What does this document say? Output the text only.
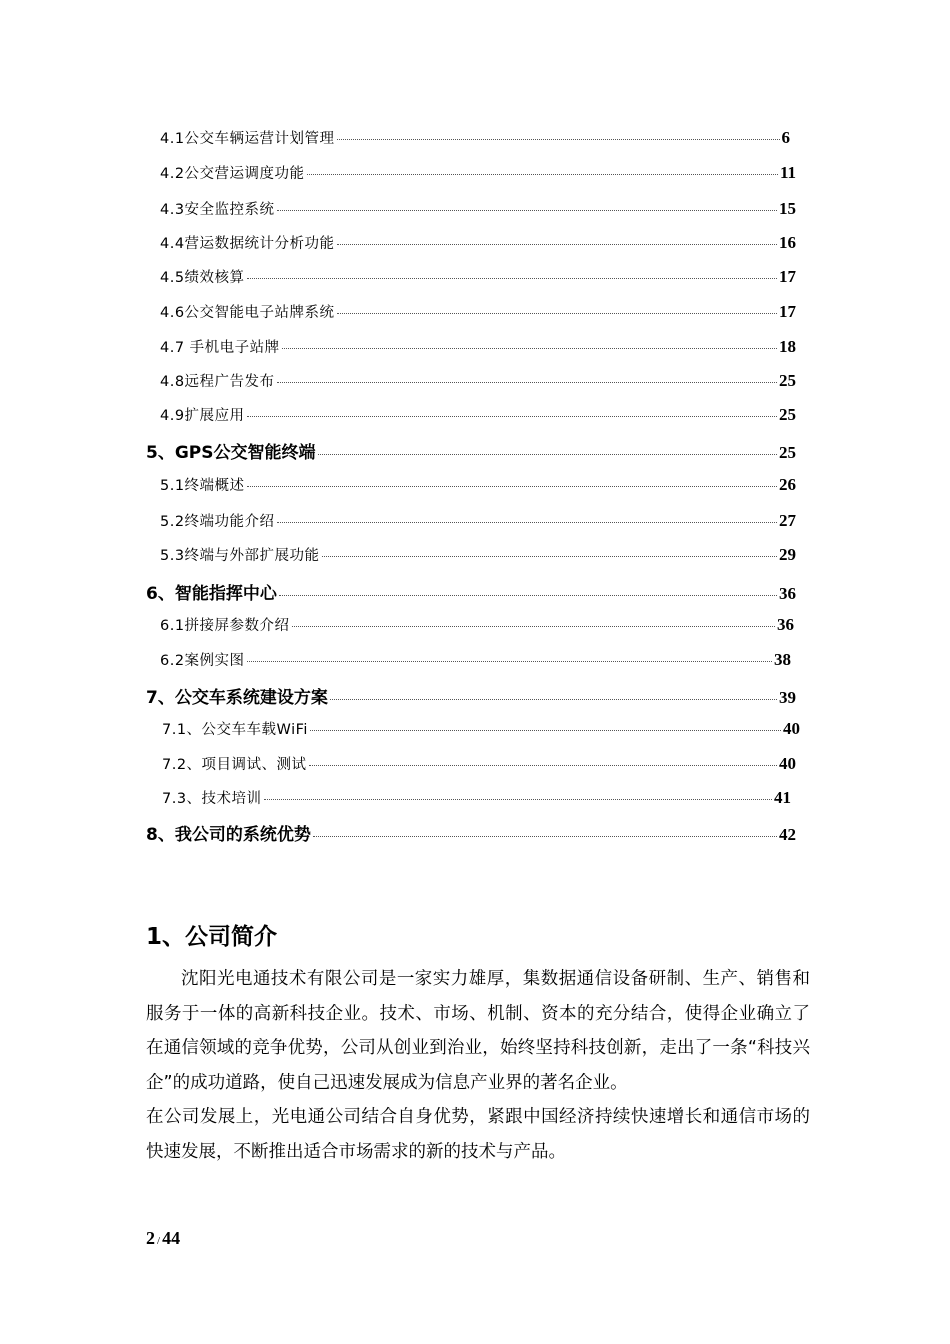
4.1公交车辆运营计划管理	6
4.2公交营运调度功能	11
4.3安全监控系统	15
4.4营运数据统计分析功能	16
4.5绩效核算	17
4.6公交智能电子站牌系统	17
4.7 手机电子站牌	18
4.8远程广告发布	25
4.9扩展应用	25
5、GPS公交智能终端	25
5.1终端概述	26
5.2终端功能介绍	27
5.3终端与外部扩展功能	29
6、智能指挥中心	36
6.1拼接屏参数介绍	36
6.2案例实图	38
7、公交车系统建设方案	39
7.1、公交车车载WiFi	40
7.2、项目调试、测试	40
7.3、技术培训	41
8、我公司的系统优势	42
1、公司简介

沈阳光电通技术有限公司是一家实力雄厚，集数据通信设备研制、生产、销售和服务于一体的高新科技企业。技术、市场、机制、资本的充分结合，使得企业确立了在通信领域的竞争优势，公司从创业到治业，始终坚持科技创新，走出了一条“科技兴企”的成功道路，使自己迅速发展成为信息产业界的著名企业。

在公司发展上，光电通公司结合自身优势，紧跟中国经济持续快速增长和通信市场的快速发展，不断推出适合市场需求的新的技术与产品。

2 / 44
